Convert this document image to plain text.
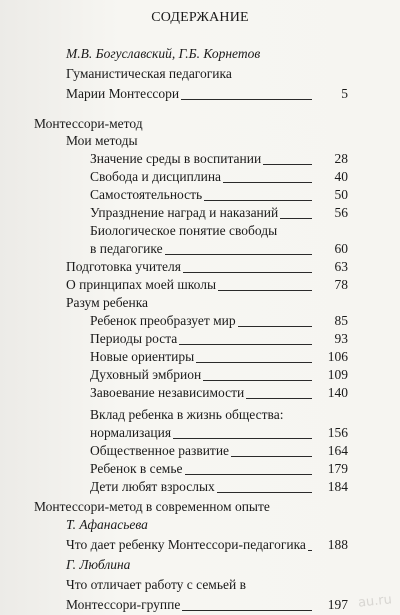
СОДЕРЖАНИЕ
М.В. Богуславский, Г.Б. Корнетов
Гуманистическая педагогика
Марии Монтессори	5
Монтессори-метод
Мои методы
Значение среды в воспитании	28
Свобода и дисциплина	40
Самостоятельность	50
Упразднение наград и наказаний	56
Биологическое понятие свободы
в педагогике	60
Подготовка учителя	63
О принципах моей школы	78
Разум ребенка
Ребенок преобразует мир	85
Периоды роста	93
Новые ориентиры	106
Духовный эмбрион	109
Завоевание независимости	140
Вклад ребенка в жизнь общества:
нормализация	156
Общественное развитие	164
Ребенок в семье	179
Дети любят взрослых	184
Монтессори-метод в современном опыте
Т. Афанасьева
Что дает ребенку Монтессори-педагогика	188
Г. Люблина
Что отличает работу с семьей в
Монтессори-группе	197 au.ru
